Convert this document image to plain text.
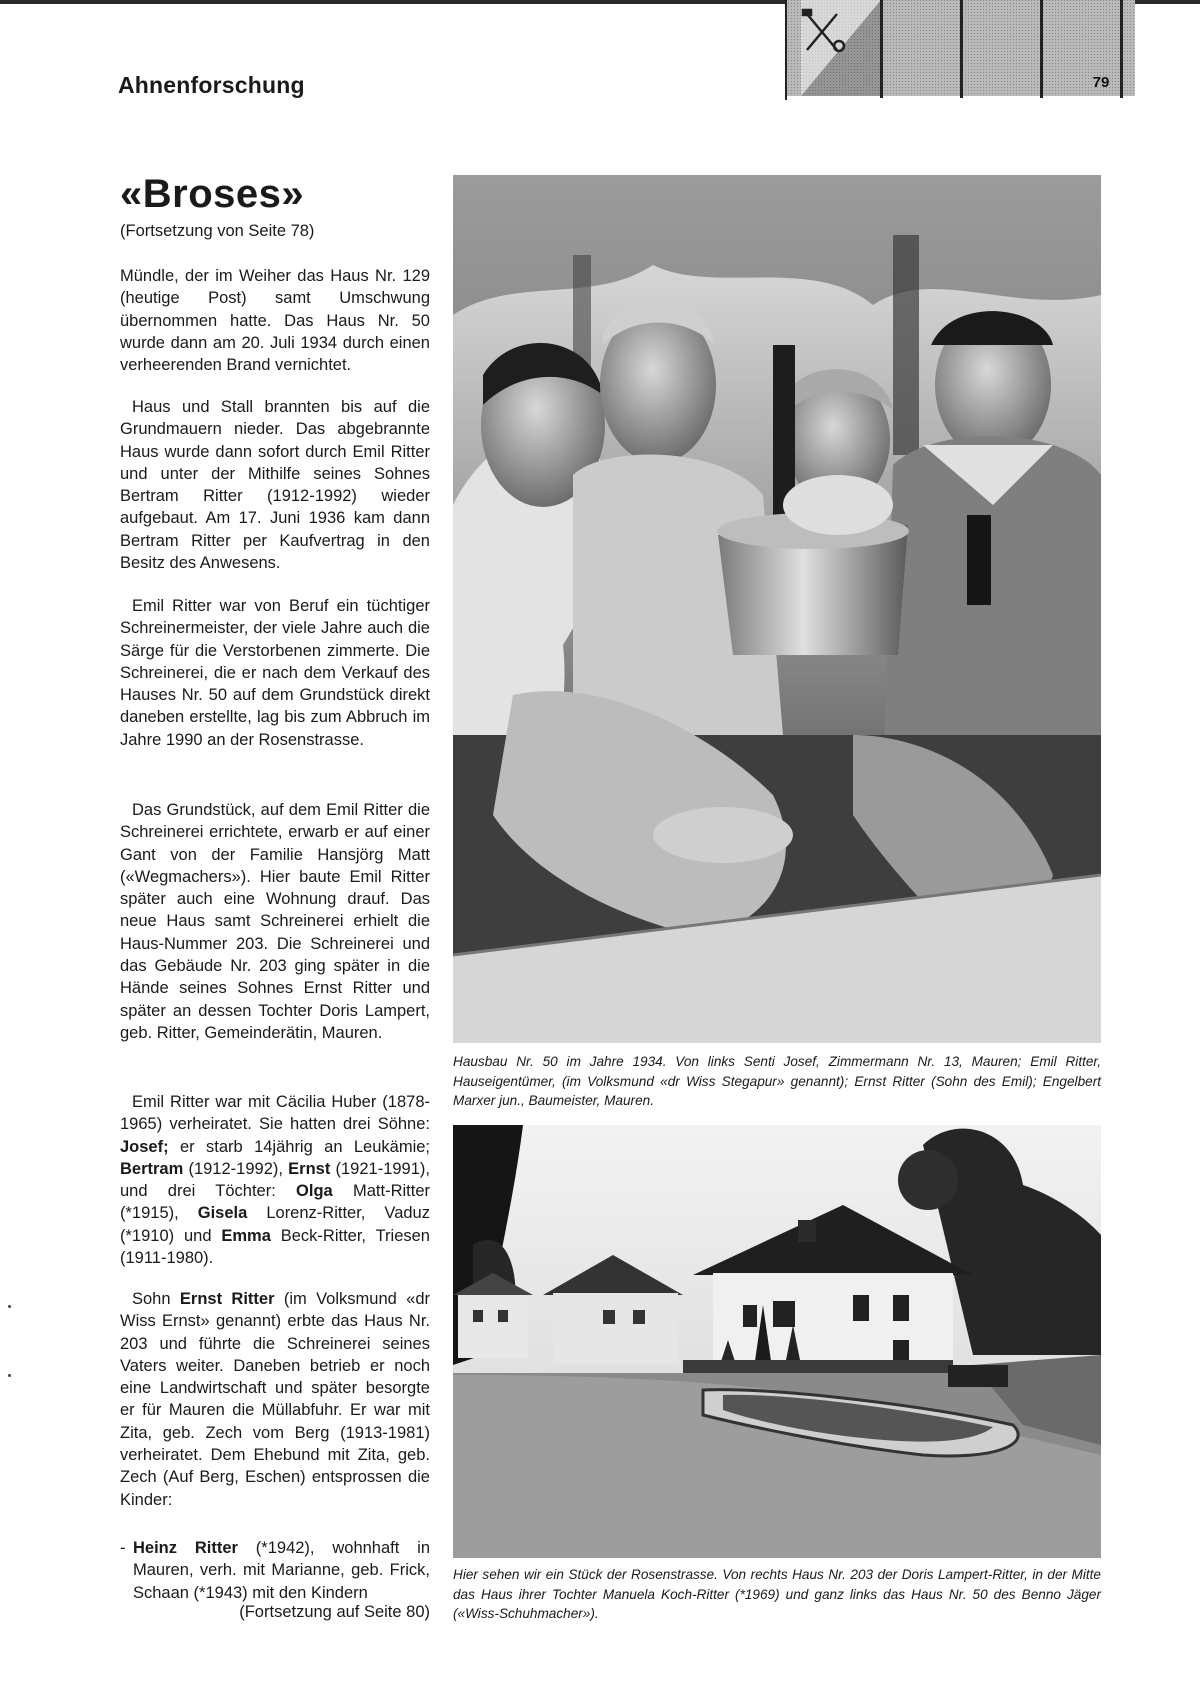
Ahnenforschung	79
«Broses»
(Fortsetzung von Seite 78)
Mündle, der im Weiher das Haus Nr. 129 (heutige Post) samt Umschwung übernommen hatte. Das Haus Nr. 50 wurde dann am 20. Juli 1934 durch einen verheerenden Brand vernichtet.
Haus und Stall brannten bis auf die Grundmauern nieder. Das abgebrannte Haus wurde dann sofort durch Emil Ritter und unter der Mithilfe seines Sohnes Bertram Ritter (1912-1992) wieder aufgebaut. Am 17. Juni 1936 kam dann Bertram Ritter per Kaufvertrag in den Besitz des Anwesens.
Emil Ritter war von Beruf ein tüchtiger Schreinermeister, der viele Jahre auch die Särge für die Verstorbenen zimmerte. Die Schreinerei, die er nach dem Verkauf des Hauses Nr. 50 auf dem Grundstück direkt daneben erstellte, lag bis zum Abbruch im Jahre 1990 an der Rosenstrasse.
Das Grundstück, auf dem Emil Ritter die Schreinerei errichtete, erwarb er auf einer Gant von der Familie Hansjörg Matt («Wegmachers»). Hier baute Emil Ritter später auch eine Wohnung drauf. Das neue Haus samt Schreinerei erhielt die Haus-Nummer 203. Die Schreinerei und das Gebäude Nr. 203 ging später in die Hände seines Sohnes Ernst Ritter und später an dessen Tochter Doris Lampert, geb. Ritter, Gemeinderätin, Mauren.
Emil Ritter war mit Cäcilia Huber (1878-1965) verheiratet. Sie hatten drei Söhne: Josef; er starb 14jährig an Leukämie; Bertram (1912-1992), Ernst (1921-1991), und drei Töchter: Olga Matt-Ritter (*1915), Gisela Lorenz-Ritter, Vaduz (*1910) und Emma Beck-Ritter, Triesen (1911-1980).
Sohn Ernst Ritter (im Volksmund «dr Wiss Ernst» genannt) erbte das Haus Nr. 203 und führte die Schreinerei seines Vaters weiter. Daneben betrieb er noch eine Landwirtschaft und später besorgte er für Mauren die Müllabfuhr. Er war mit Zita, geb. Zech vom Berg (1913-1981) verheiratet. Dem Ehebund mit Zita, geb. Zech (Auf Berg, Eschen) entsprossen die Kinder:
- Heinz Ritter (*1942), wohnhaft in Mauren, verh. mit Marianne, geb. Frick, Schaan (*1943) mit den Kindern
(Fortsetzung auf Seite 80)
Hausbau Nr. 50 im Jahre 1934. Von links Senti Josef, Zimmermann Nr. 13, Mauren; Emil Ritter, Hauseigentümer, (im Volksmund «dr Wiss Stegapur» genannt); Ernst Ritter (Sohn des Emil); Engelbert Marxer jun., Baumeister, Mauren.
Hier sehen wir ein Stück der Rosenstrasse. Von rechts Haus Nr. 203 der Doris Lampert-Ritter, in der Mitte das Haus ihrer Tochter Manuela Koch-Ritter (*1969) und ganz links das Haus Nr. 50 des Benno Jäger («Wiss-Schuhmacher»).
